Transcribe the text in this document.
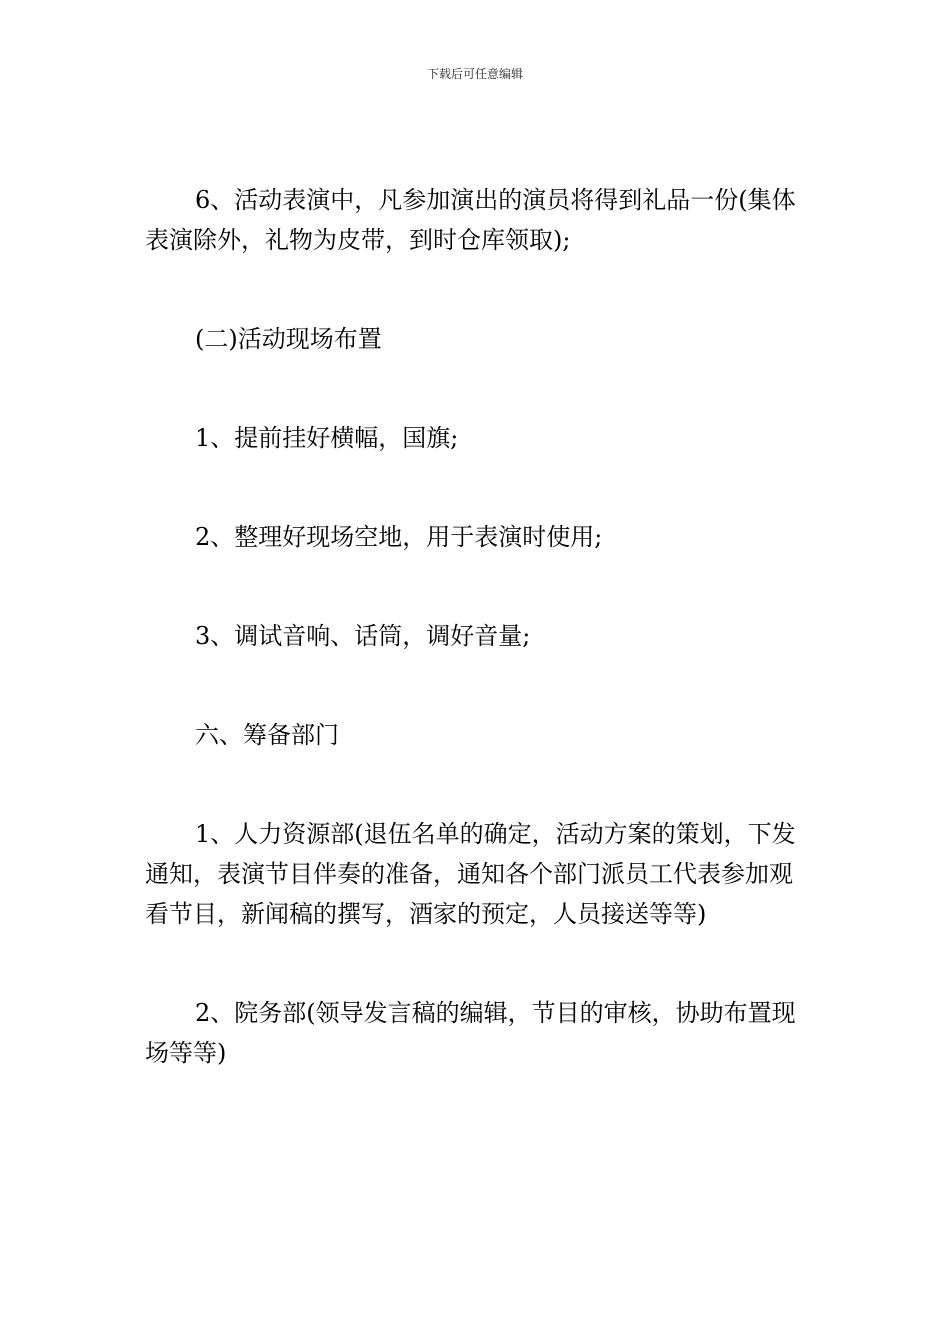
下载后可任意编辑

6、活动表演中，凡参加演出的演员将得到礼品一份(集体表演除外，礼物为皮带，到时仓库领取);

(二)活动现场布置

1、提前挂好横幅，国旗;

2、整理好现场空地，用于表演时使用;

3、调试音响、话筒，调好音量;

六、筹备部门

1、人力资源部(退伍名单的确定，活动方案的策划，下发通知，表演节目伴奏的准备，通知各个部门派员工代表参加观看节目，新闻稿的撰写，酒家的预定，人员接送等等)

2、院务部(领导发言稿的编辑，节目的审核，协助布置现场等等)
